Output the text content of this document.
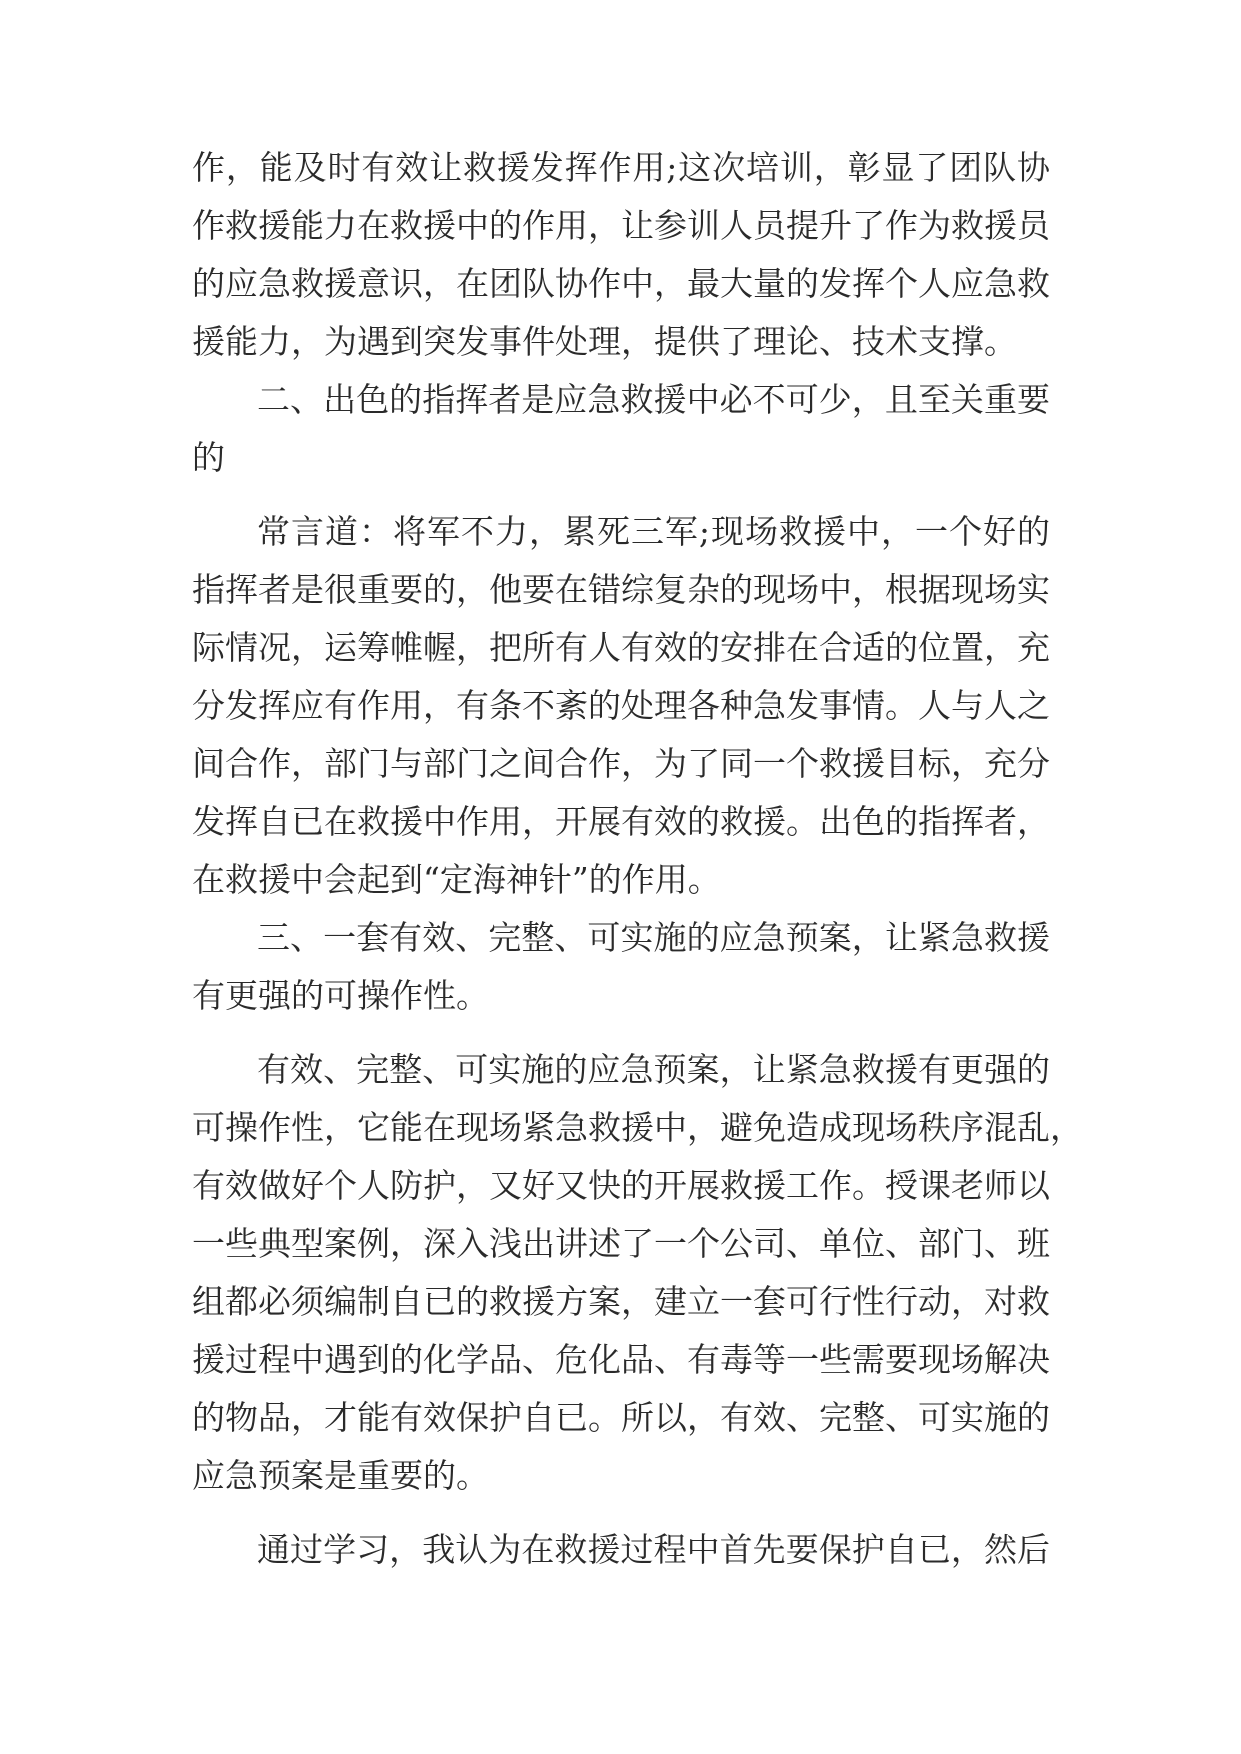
作，能及时有效让救援发挥作用;这次培训，彰显了团队协

作救援能力在救援中的作用，让参训人员提升了作为救援员

的应急救援意识，在团队协作中，最大量的发挥个人应急救

援能力，为遇到突发事件处理，提供了理论、技术支撑。

二、出色的指挥者是应急救援中必不可少，且至关重要

的

常言道：将军不力，累死三军;现场救援中，一个好的

指挥者是很重要的，他要在错综复杂的现场中，根据现场实

际情况，运筹帷幄，把所有人有效的安排在合适的位置，充

分发挥应有作用，有条不紊的处理各种急发事情。人与人之

间合作，部门与部门之间合作，为了同一个救援目标，充分

发挥自已在救援中作用，开展有效的救援。出色的指挥者，

在救援中会起到“定海神针”的作用。

三、一套有效、完整、可实施的应急预案，让紧急救援

有更强的可操作性。

有效、完整、可实施的应急预案，让紧急救援有更强的

可操作性，它能在现场紧急救援中，避免造成现场秩序混乱，

有效做好个人防护，又好又快的开展救援工作。授课老师以

一些典型案例，深入浅出讲述了一个公司、单位、部门、班

组都必须编制自已的救援方案，建立一套可行性行动，对救

援过程中遇到的化学品、危化品、有毒等一些需要现场解决

的物品，才能有效保护自已。所以，有效、完整、可实施的

应急预案是重要的。

通过学习，我认为在救援过程中首先要保护自已，然后
